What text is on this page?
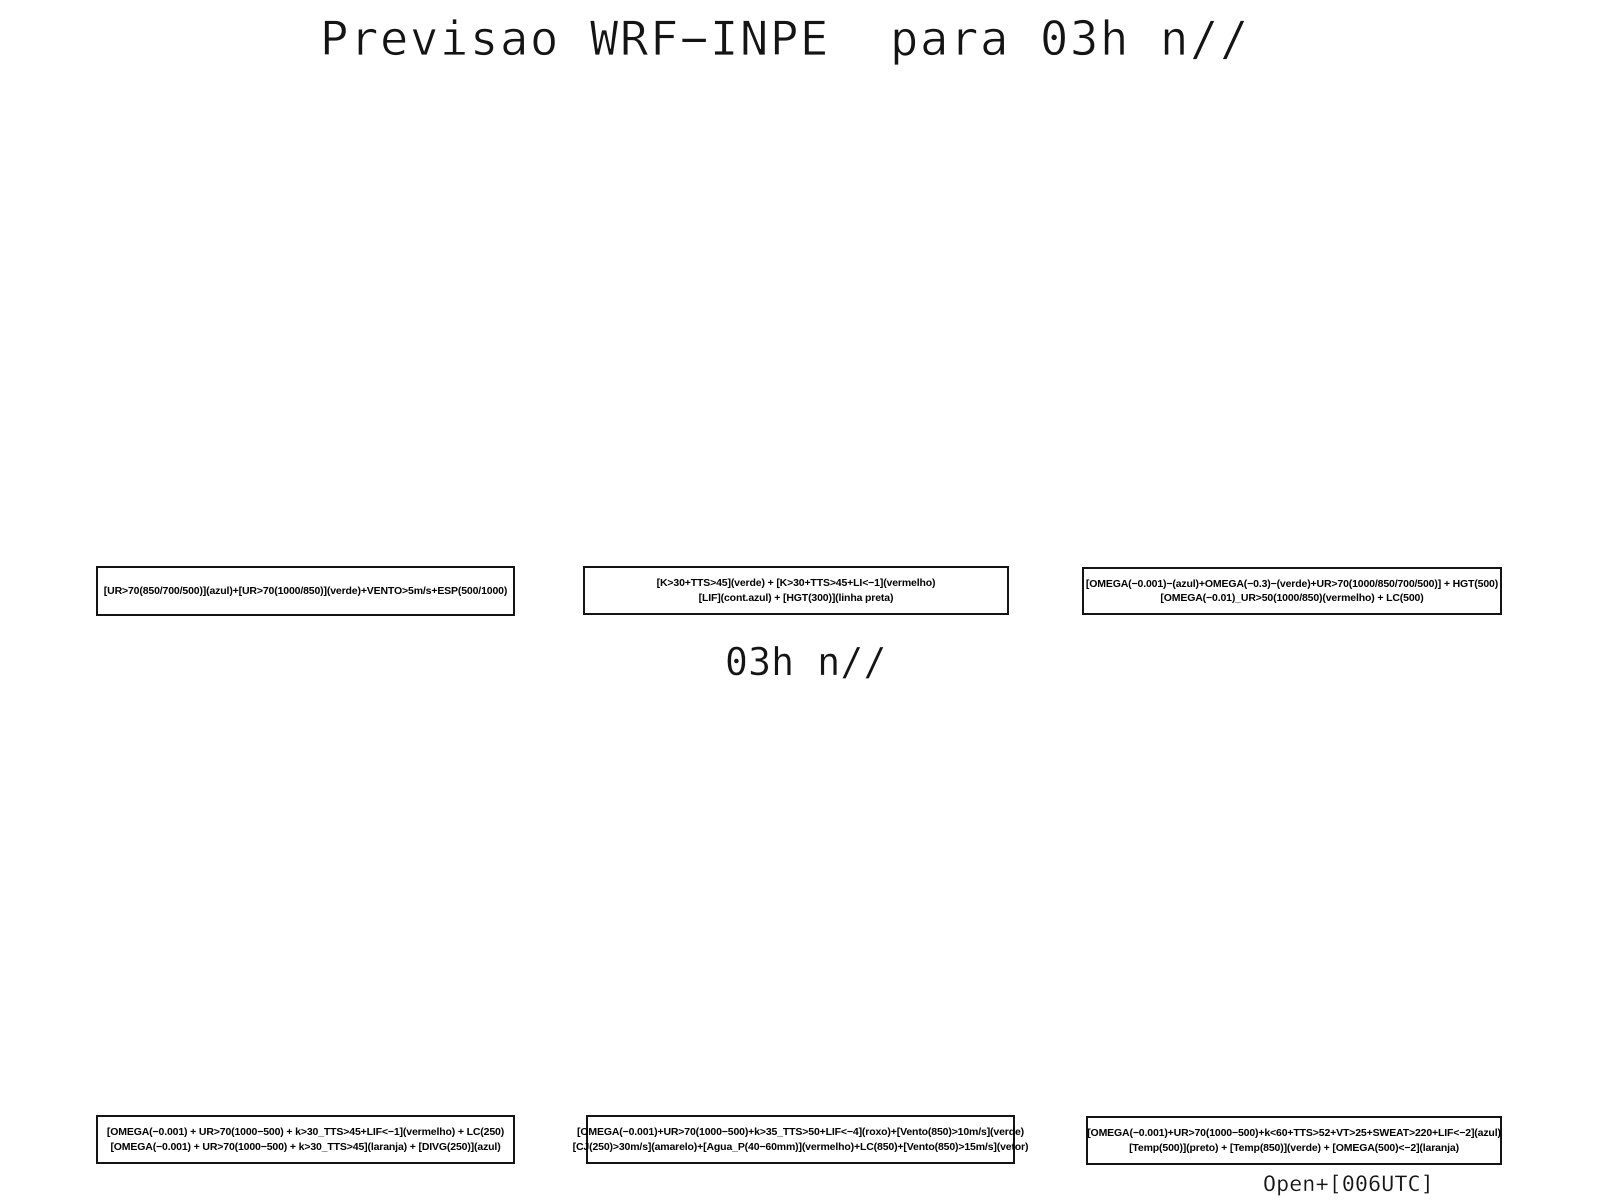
Previsao WRF−INPE  para 03h n//
[UR>70(850/700/500)](azul)+[UR>70(1000/850)](verde)+VENTO>5m/s+ESP(500/1000)
[K>30+TTS>45](verde) + [K>30+TTS>45+LI<−1](vermelho)
[LIF](cont.azul) + [HGT(300)](linha preta)
[OMEGA(−0.001)−(azul)+OMEGA(−0.3)−(verde)+UR>70(1000/850/700/500)] + HGT(500)
[OMEGA(−0.01)_UR>50(1000/850)(vermelho) + LC(500)
03h n//
[OMEGA(−0.001) + UR>70(1000−500) + k>30_TTS>45+LIF<−1](vermelho) + LC(250)
[OMEGA(−0.001) + UR>70(1000−500) + k>30_TTS>45](laranja) + [DIVG(250)](azul)
[OMEGA(−0.001)+UR>70(1000−500)+k>35_TTS>50+LIF<−4](roxo)+[Vento(850)>10m/s](verde)
[CJ(250)>30m/s](amarelo)+[Agua_P(40−60mm)](vermelho)+LC(850)+[Vento(850)>15m/s](vetor)
[OMEGA(−0.001)+UR>70(1000−500)+k<60+TTS>52+VT>25+SWEAT>220+LIF<−2](azul)
[Temp(500)](preto) + [Temp(850)](verde) + [OMEGA(500)<−2](laranja)
Open+[006UTC]
